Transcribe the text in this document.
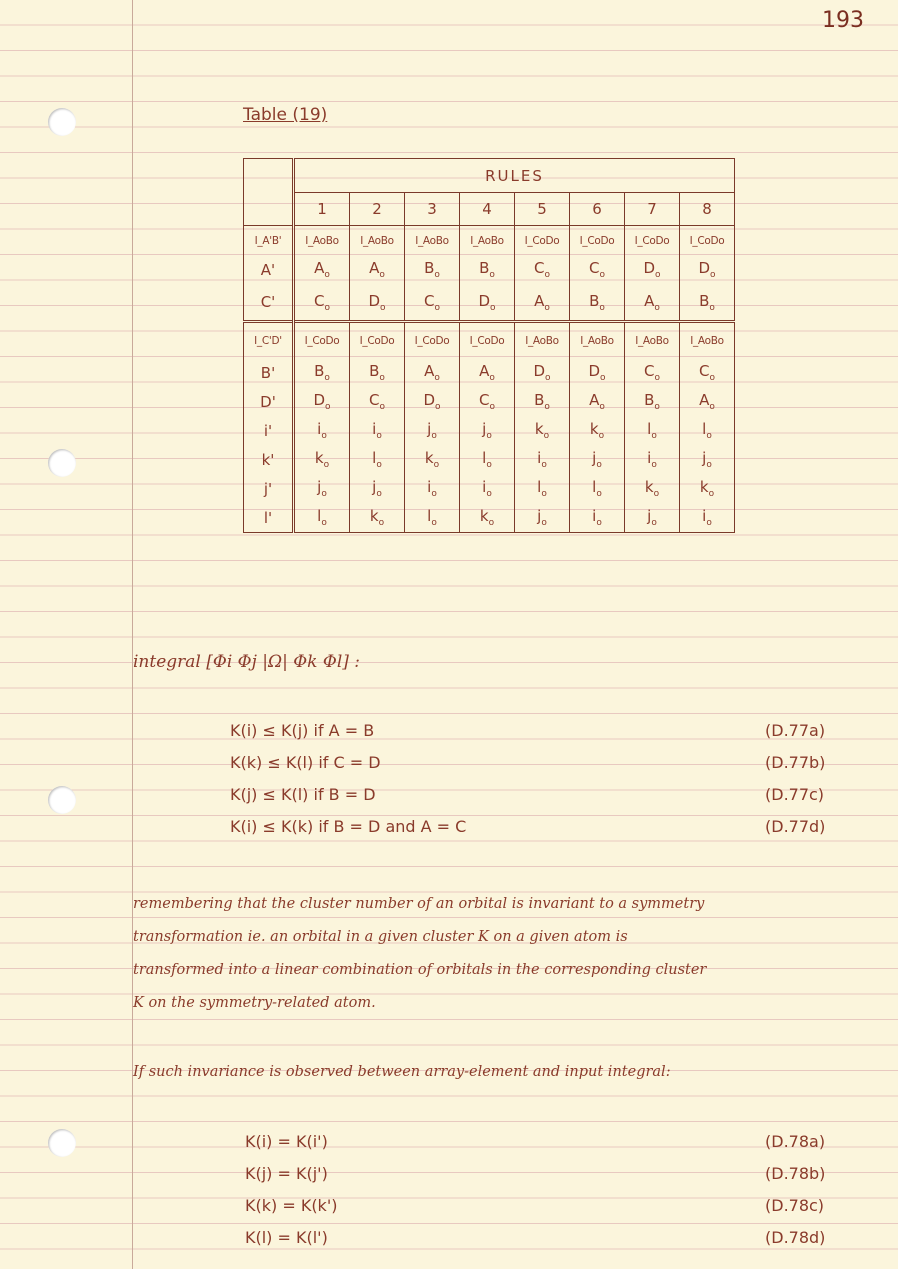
193
Table (19)
	RULES							
	1	2	3	4	5	6	7	8
I_A'B'	I_AoBo	I_AoBo	I_AoBo	I_AoBo	I_CoDo	I_CoDo	I_CoDo	I_CoDo
A'	$A_o$	$A_o$	$B_o$	$B_o$	$C_o$	$C_o$	$D_o$	$D_o$
C'	$C_o$	$D_o$	$C_o$	$D_o$	$A_o$	$B_o$	$A_o$	$B_o$
I_C'D'	I_CoDo	I_CoDo	I_CoDo	I_CoDo	I_AoBo	I_AoBo	I_AoBo	I_AoBo
B'	$B_o$	$B_o$	$A_o$	$A_o$	$D_o$	$D_o$	$C_o$	$C_o$
D'	$D_o$	$C_o$	$D_o$	$C_o$	$B_o$	$A_o$	$B_o$	$A_o$
i'	$i_o$	$i_o$	$j_o$	$j_o$	$k_o$	$k_o$	$l_o$	$l_o$
k'	$k_o$	$l_o$	$k_o$	$l_o$	$i_o$	$j_o$	$i_o$	$j_o$
j'	$j_o$	$j_o$	$i_o$	$i_o$	$l_o$	$l_o$	$k_o$	$k_o$
l'	$l_o$	$k_o$	$l_o$	$k_o$	$j_o$	$i_o$	$j_o$	$i_o$
integral [Φi Φj |Ω| Φk Φl] :
K(i) ≤ K(j) if A = B	(D.77a)
K(k) ≤ K(l) if C = D	(D.77b)
K(j) ≤ K(l) if B = D	(D.77c)
K(i) ≤ K(k) if B = D and A = C	(D.77d)
remembering that the cluster number of an orbital is invariant to a symmetry
transformation ie. an orbital in a given cluster K on a given atom is
transformed into a linear combination of orbitals in the corresponding cluster
K on the symmetry-related atom.
If such invariance is observed between array-element and input integral:
K(i) = K(i')	(D.78a)
K(j) = K(j')	(D.78b)
K(k) = K(k')	(D.78c)
K(l) = K(l')	(D.78d)
